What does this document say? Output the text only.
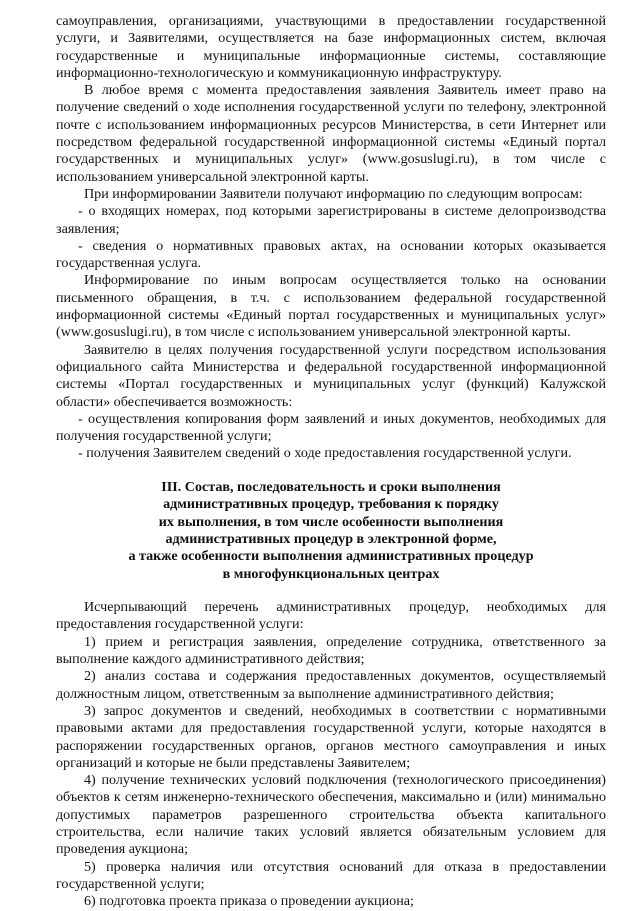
самоуправления, организациями, участвующими в предоставлении государственной услуги, и Заявителями, осуществляется на базе информационных систем, включая государственные и муниципальные информационные системы, составляющие информационно-технологическую и коммуникационную инфраструктуру.

В любое время с момента предоставления заявления Заявитель имеет право на получение сведений о ходе исполнения государственной услуги по телефону, электронной почте с использованием информационных ресурсов Министерства, в сети Интернет или посредством федеральной государственной информационной системы «Единый портал государственных и муниципальных услуг» (www.gosuslugi.ru), в том числе с использованием универсальной электронной карты.

При информировании Заявители получают информацию по следующим вопросам:

- о входящих номерах, под которыми зарегистрированы в системе делопроизводства заявления;

- сведения о нормативных правовых актах, на основании которых оказывается государственная услуга.

Информирование по иным вопросам осуществляется только на основании письменного обращения, в т.ч. с использованием федеральной государственной информационной системы «Единый портал государственных и муниципальных услуг» (www.gosuslugi.ru), в том числе с использованием универсальной электронной карты.

Заявителю в целях получения государственной услуги посредством использования официального сайта Министерства и федеральной государственной информационной системы «Портал государственных и муниципальных услуг (функций) Калужской области» обеспечивается возможность:

- осуществления копирования форм заявлений и иных документов, необходимых для получения государственной услуги;

- получения Заявителем сведений о ходе предоставления государственной услуги.

III. Состав, последовательность и сроки выполнения

административных процедур, требования к порядку

их выполнения, в том числе особенности выполнения

административных процедур в электронной форме,

а также особенности выполнения административных процедур

в многофункциональных центрах

Исчерпывающий перечень административных процедур, необходимых для предоставления государственной услуги:

1) прием и регистрация заявления, определение сотрудника, ответственного за выполнение каждого административного действия;

2) анализ состава и содержания предоставленных документов, осуществляемый должностным лицом, ответственным за выполнение административного действия;

3) запрос документов и сведений, необходимых в соответствии с нормативными правовыми актами для предоставления государственной услуги, которые находятся в распоряжении государственных органов, органов местного самоуправления и иных организаций и которые не были представлены Заявителем;

4) получение технических условий подключения (технологического присоединения) объектов к сетям инженерно-технического обеспечения, максимально и (или) минимально допустимых параметров разрешенного строительства объекта капитального строительства, если наличие таких условий является обязательным условием для проведения аукциона;

5) проверка наличия или отсутствия оснований для отказа в предоставлении государственной услуги;

6) подготовка проекта приказа о проведении аукциона;
